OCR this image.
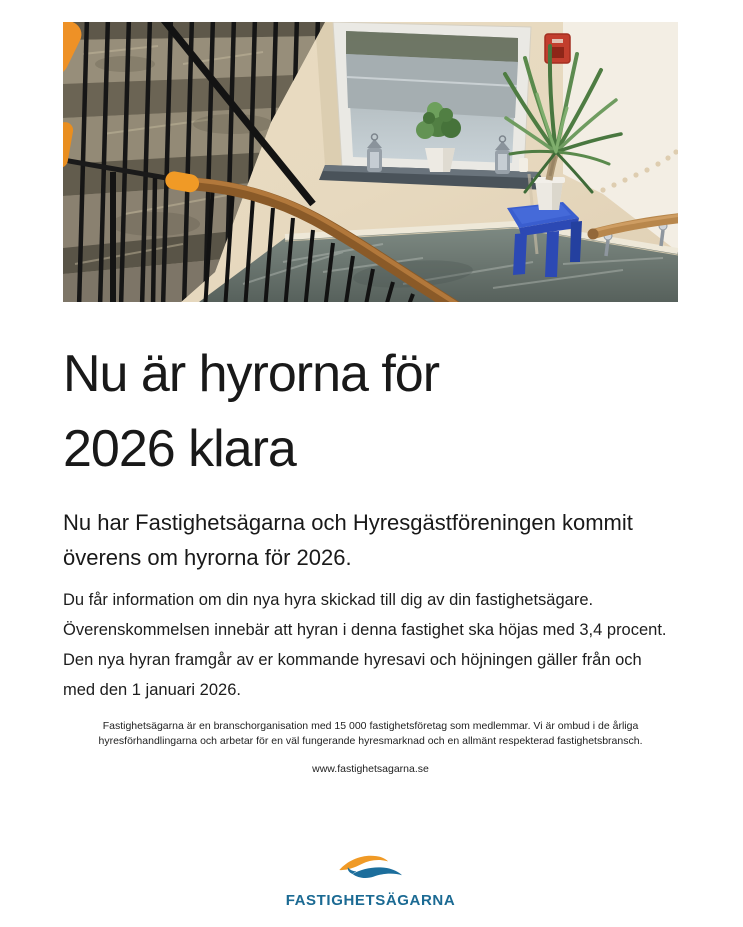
Nu är hyrorna för
2026 klara

Nu har Fastighetsägarna och Hyresgästföreningen kommit överens om hyrorna för 2026.

Du får information om din nya hyra skickad till dig av din fastighetsägare. Överenskommelsen innebär att hyran i denna fastighet ska höjas med 3,4 procent. Den nya hyran framgår av er kommande hyresavi och höjningen gäller från och med den 1 januari 2026.

Fastighetsägarna är en branschorganisation med 15 000 fastighetsföretag som medlemmar. Vi är ombud i de årliga hyresförhandlingarna och arbetar för en väl fungerande hyresmarknad och en allmänt respekterad fastighetsbransch.

www.fastighetsagarna.se
FASTIGHETSÄGARNA
